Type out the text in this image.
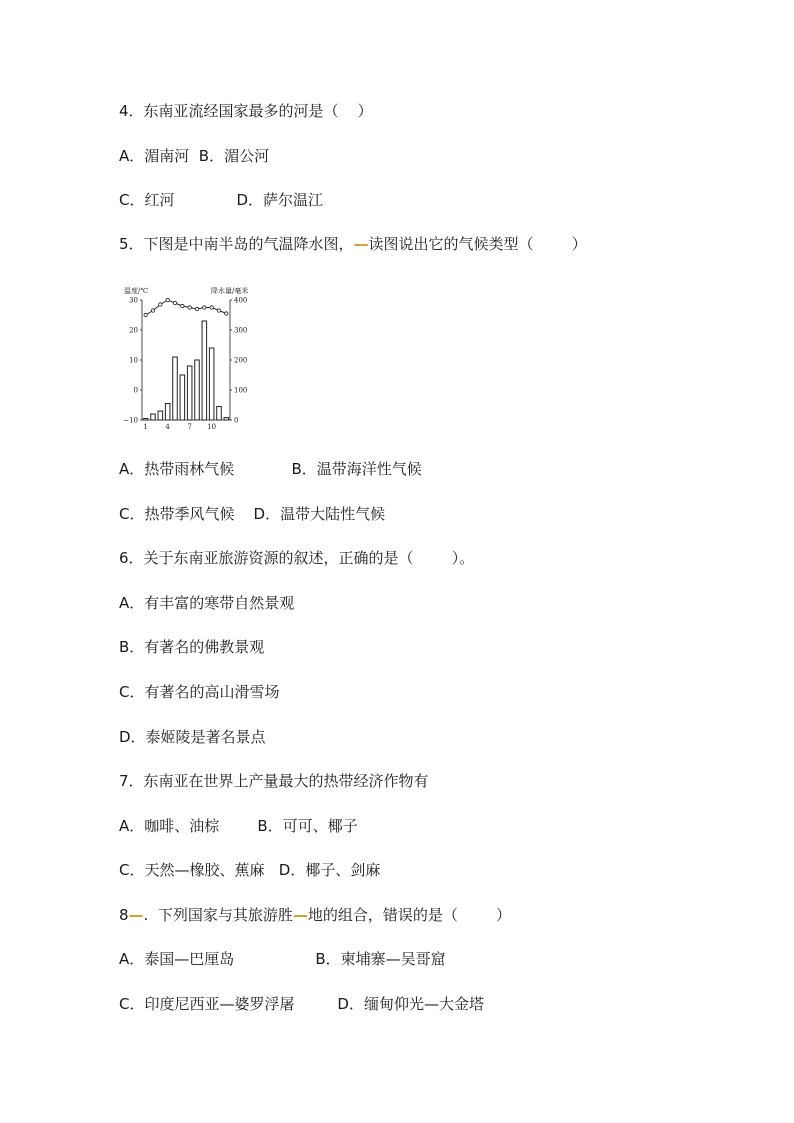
4．东南亚流经国家最多的河是（    ）
A．湄南河  B．湄公河
C．红河             D．萨尔温江
5．下图是中南半岛的气温降水图，—读图说出它的气候类型（        ）
温度/℃	降水量/毫米
30
20
10
0
−10
400
300
200
100
0
1	4	7 10
A．热带雨林气候            B．温带海洋性气候
C．热带季风气候    D．温带大陆性气候
6．关于东南亚旅游资源的叙述，正确的是（        ）。
A．有丰富的寒带自然景观
B．有著名的佛教景观
C．有著名的高山滑雪场
D．泰姬陵是著名景点
7．东南亚在世界上产量最大的热带经济作物有
A．咖啡、油棕        B．可可、椰子
C．天然—橡胶、蕉麻   D．椰子、剑麻
8—.  下列国家与其旅游胜—地的组合，错误的是（        ）
A．泰国—巴厘岛                 B．柬埔寨—吴哥窟
C．印度尼西亚—婆罗浮屠         D．缅甸仰光—大金塔
